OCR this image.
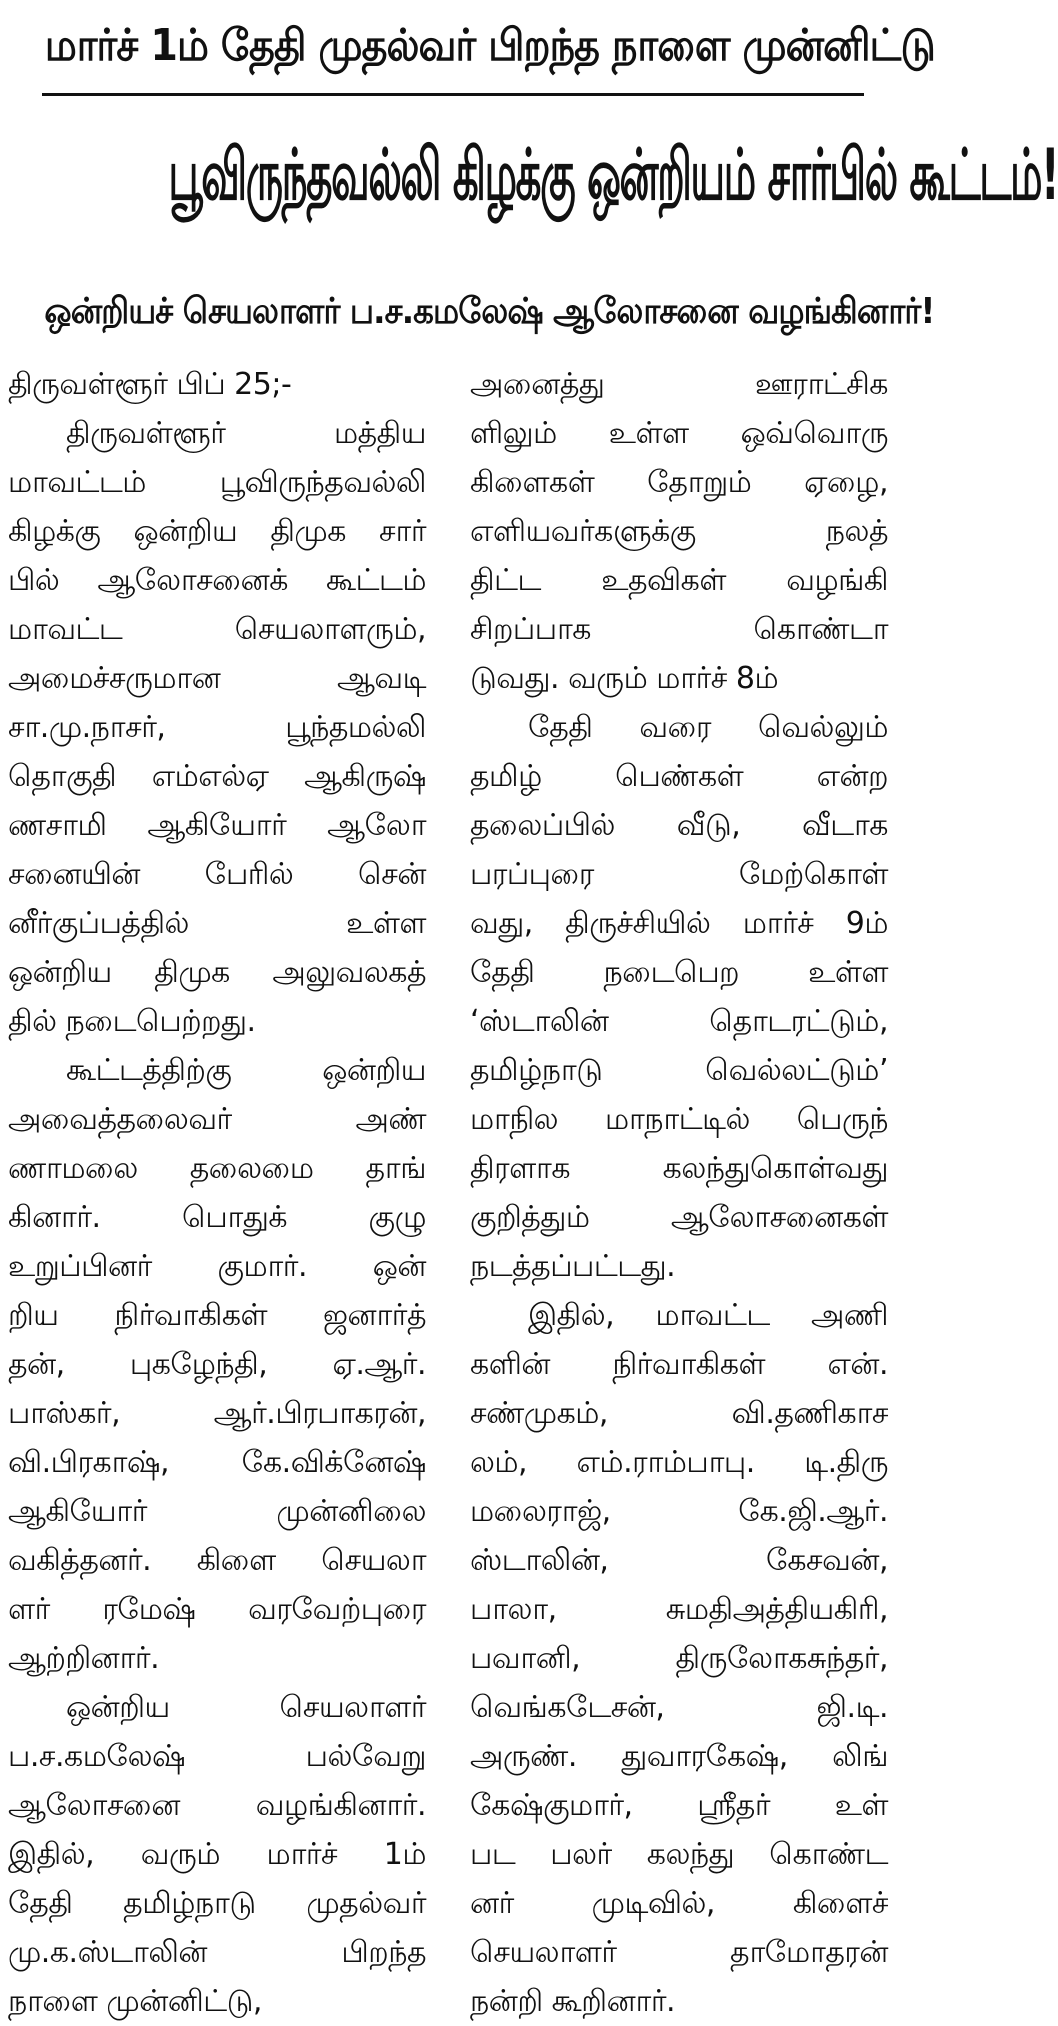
மார்ச் 1ம் தேதி முதல்வர் பிறந்த நாளை முன்னிட்டு
பூவிருந்தவல்லி கிழக்கு ஒன்றியம் சார்பில் கூட்டம்!
ஒன்றியச் செயலாளர் ப.ச.கமலேஷ் ஆலோசனை வழங்கினார்!
திருவள்ளூர் பிப் 25;-
திருவள்ளூர் மத்திய
மாவட்டம் பூவிருந்தவல்லி
கிழக்கு ஒன்றிய திமுக சார்
பில் ஆலோசனைக் கூட்டம்
மாவட்ட செயலாளரும்,
அமைச்சருமான ஆவடி
சா.மு.நாசர், பூந்தமல்லி
தொகுதி எம்எல்ஏ ஆகிருஷ்
ணசாமி ஆகியோர் ஆலோ
சனையின் பேரில் சென்
னீர்குப்பத்தில் உள்ள
ஒன்றிய திமுக அலுவலகத்
தில் நடைபெற்றது.
கூட்டத்திற்கு ஒன்றிய
அவைத்தலைவர் அண்
ணாமலை தலைமை தாங்
கினார். பொதுக் குழு
உறுப்பினர் குமார். ஒன்
றிய நிர்வாகிகள் ஜனார்த்
தன், புகழேந்தி, ஏ.ஆர்.
பாஸ்கர், ஆர்.பிரபாகரன்,
வி.பிரகாஷ், கே.விக்னேஷ்
ஆகியோர் முன்னிலை
வகித்தனர். கிளை செயலா
ளர் ரமேஷ் வரவேற்புரை
ஆற்றினார்.
ஒன்றிய செயலாளர்
ப.ச.கமலேஷ் பல்வேறு
ஆலோசனை வழங்கினார்.
இதில், வரும் மார்ச் 1ம்
தேதி தமிழ்நாடு முதல்வர்
மு.க.ஸ்டாலின் பிறந்த
நாளை முன்னிட்டு,
அனைத்து ஊராட்சிக
ளிலும் உள்ள ஒவ்வொரு
கிளைகள் தோறும் ஏழை,
எளியவர்களுக்கு நலத்
திட்ட உதவிகள் வழங்கி
சிறப்பாக கொண்டா
டுவது. வரும் மார்ச் 8ம்
தேதி வரை வெல்லும்
தமிழ் பெண்கள் என்ற
தலைப்பில் வீடு, வீடாக
பரப்புரை மேற்கொள்
வது, திருச்சியில் மார்ச் 9ம்
தேதி நடைபெற உள்ள
‘ஸ்டாலின் தொடரட்டும்,
தமிழ்நாடு வெல்லட்டும்’
மாநில மாநாட்டில் பெருந்
திரளாக கலந்துகொள்வது
குறித்தும் ஆலோசனைகள்
நடத்தப்பட்டது.
இதில், மாவட்ட அணி
களின் நிர்வாகிகள் என்.
சண்முகம், வி.தணிகாச
லம், எம்.ராம்பாபு. டி.திரு
மலைராஜ், கே.ஜி.ஆர்.
ஸ்டாலின், கேசவன்,
பாலா, சுமதிஅத்தியகிரி,
பவானி, திருலோகசுந்தர்,
வெங்கடேசன், ஜி.டி.
அருண். துவாரகேஷ், லிங்
கேஷ்குமார், ஸ்ரீதர் உள்
பட பலர் கலந்து கொண்ட
னர் முடிவில், கிளைச்
செயலாளர் தாமோதரன்
நன்றி கூறினார்.
